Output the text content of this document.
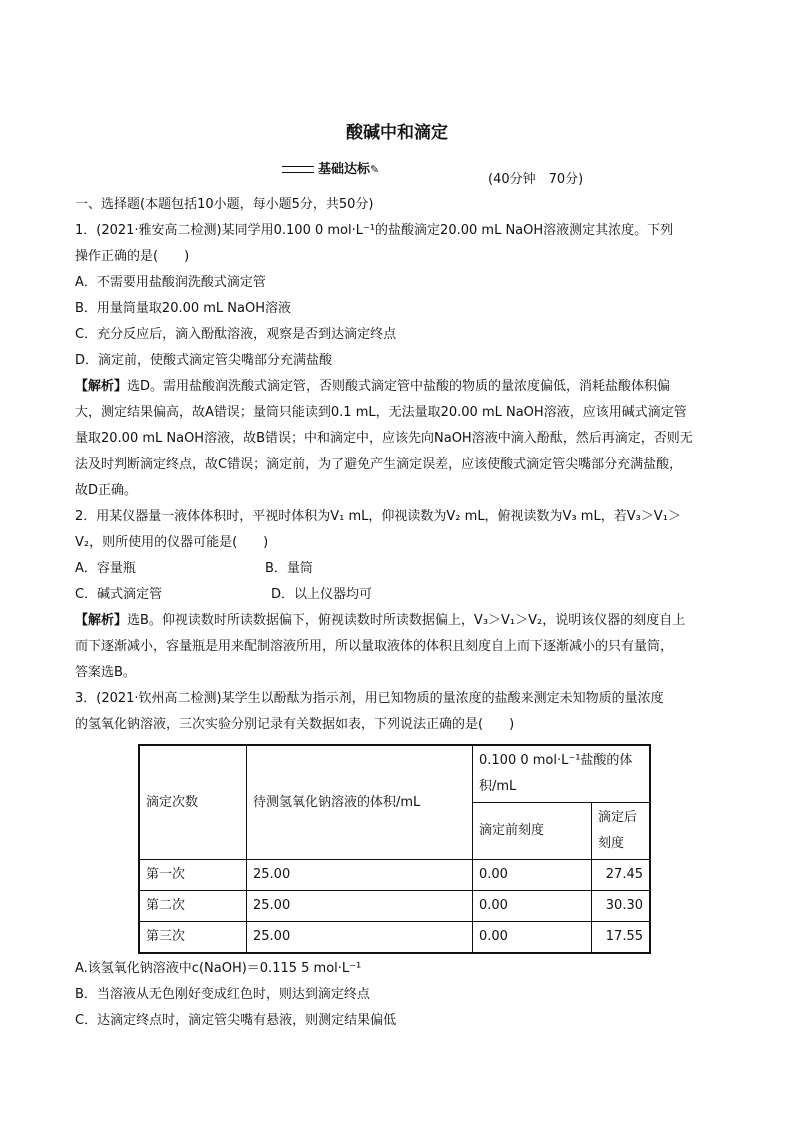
酸碱中和滴定
基础达标✎
(40分钟　70分)

一、选择题(本题包括10小题，每小题5分，共50分)

1．(2021·雅安高二检测)某同学用0.100 0 mol·L⁻¹的盐酸滴定20.00 mL NaOH溶液测定其浓度。下列

操作正确的是(　　)

A．不需要用盐酸润洗酸式滴定管

B．用量筒量取20.00 mL NaOH溶液

C．充分反应后，滴入酚酞溶液，观察是否到达滴定终点

D．滴定前，使酸式滴定管尖嘴部分充满盐酸

【解析】选D。需用盐酸润洗酸式滴定管，否则酸式滴定管中盐酸的物质的量浓度偏低，消耗盐酸体积偏

大，测定结果偏高，故A错误；量筒只能读到0.1 mL，无法量取20.00 mL NaOH溶液，应该用碱式滴定管

量取20.00 mL NaOH溶液，故B错误；中和滴定中，应该先向NaOH溶液中滴入酚酞，然后再滴定，否则无

法及时判断滴定终点，故C错误；滴定前，为了避免产生滴定误差，应该使酸式滴定管尖嘴部分充满盐酸，

故D正确。

2．用某仪器量一液体体积时，平视时体积为V₁ mL，仰视读数为V₂ mL，俯视读数为V₃ mL，若V₃＞V₁＞

V₂，则所使用的仪器可能是(　　)

A．容量瓶	B．量筒

C．碱式滴定管	D．以上仪器均可

【解析】选B。仰视读数时所读数据偏下，俯视读数时所读数据偏上，V₃＞V₁＞V₂，说明该仪器的刻度自上

而下逐渐减小，容量瓶是用来配制溶液所用，所以量取液体的体积且刻度自上而下逐渐减小的只有量筒，

答案选B。

3．(2021·钦州高二检测)某学生以酚酞为指示剂，用已知物质的量浓度的盐酸来测定未知物质的量浓度

的氢氧化钠溶液，三次实验分别记录有关数据如表，下列说法正确的是(　　)

滴定次数	待测氢氧化钠溶液的体积/mL	0.100 0 mol·L⁻¹盐酸的体积/mL	
		滴定前刻度	滴定后刻度
第一次	25.00	0.00	27.45
第二次	25.00	0.00	30.30
第三次	25.00	0.00	17.55

A.该氢氧化钠溶液中c(NaOH)＝0.115 5 mol·L⁻¹

B．当溶液从无色刚好变成红色时，则达到滴定终点

C．达滴定终点时，滴定管尖嘴有悬液，则测定结果偏低
